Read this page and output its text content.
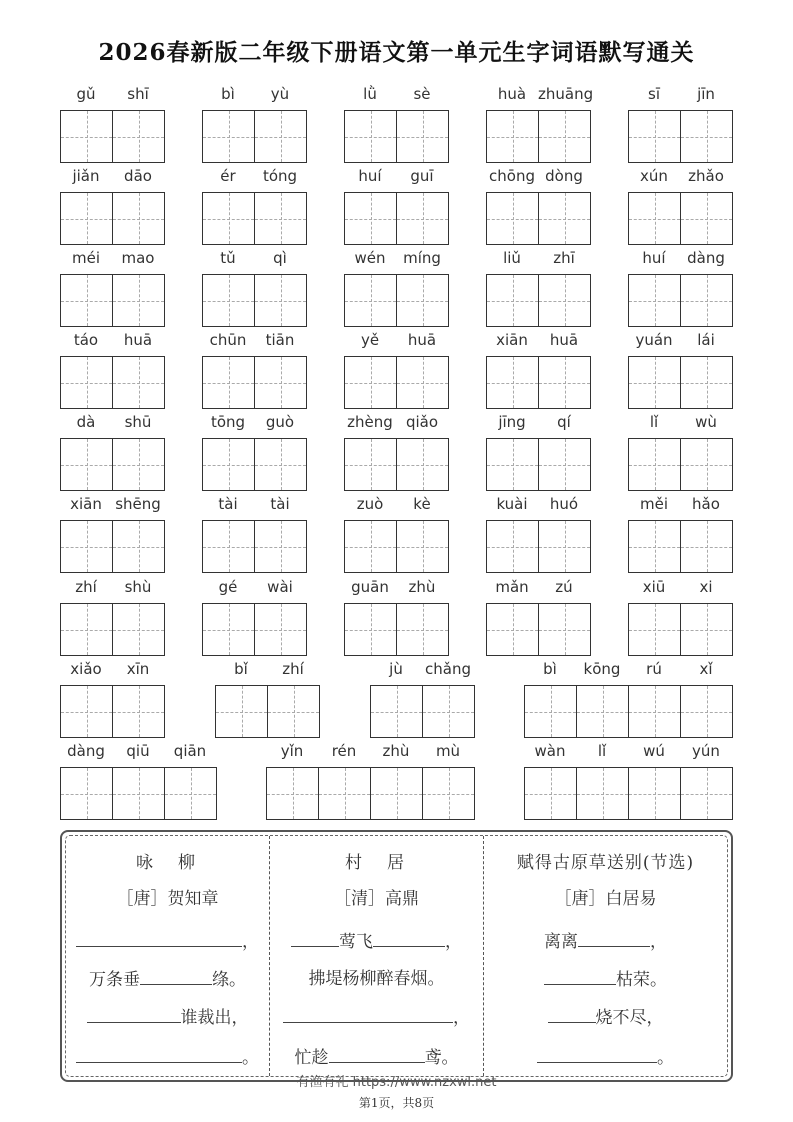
2026春新版二年级下册语文第一单元生字词语默写通关
gǔ	shī	bì	yù	lǜ	sè	huà zhuāng	sī	jīn
jiǎn	dāo	ér	tóng	huí	guī	chōng dòng	xún	zhǎo
méi	mao	tǔ	qì	wén	míng	liǔ	zhī	huí	dàng
táo	huā	chūn	tiān	yě	huā	xiān	huā	yuán	lái
dà	shū	tōng	guò	zhèng qiǎo	jīng	qí	lǐ	wù
xiān shēng	tài	tài	zuò	kè	kuài	huó	měi	hǎo
zhí	shù	gé	wài	guān	zhù	mǎn	zú	xiū	xi
xiǎo	xīn	bǐ	zhí	jù	chǎng	bì	kōng	rú	xǐ
dàng	qiū	qiān	yǐn	rén	zhù	mù	wàn	lǐ	wú	yún
咏　柳
［唐］贺知章
，
万条垂	绦。
谁裁出，
。
村　居
［清］高鼎
莺飞	，
拂堤杨柳醉春烟。
，
忙趁	鸢。
赋得古原草送别(节选)
［唐］白居易
离离	，
枯荣。
烧不尽，
。
有渔有礼 https://www.nzxwl.net
第1页，共8页
